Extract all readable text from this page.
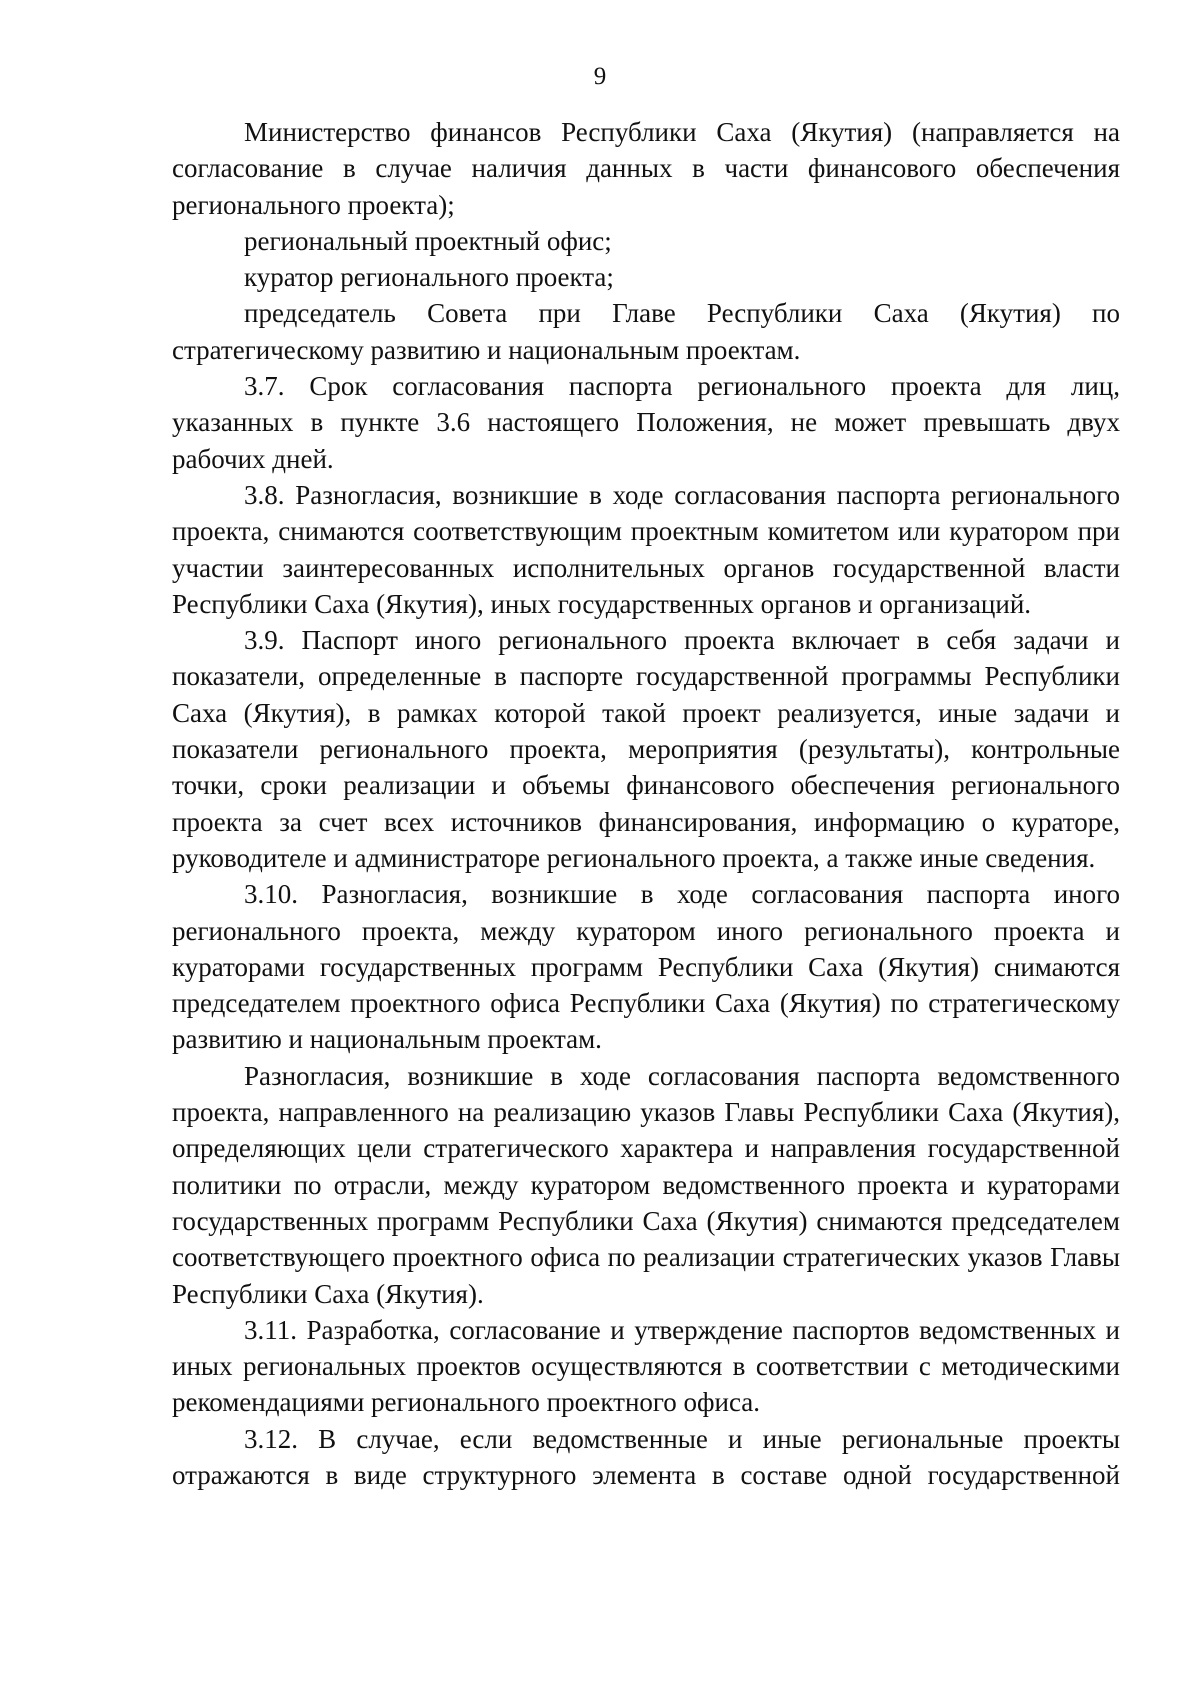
9

Министерство финансов Республики Саха (Якутия) (направляется на согласование в случае наличия данных в части финансового обеспечения регионального проекта);

региональный проектный офис;

куратор регионального проекта;

председатель Совета при Главе Республики Саха (Якутия) по стратегическому развитию и национальным проектам.

3.7. Срок согласования паспорта регионального проекта для лиц, указанных в пункте 3.6 настоящего Положения, не может превышать двух рабочих дней.

3.8. Разногласия, возникшие в ходе согласования паспорта регионального проекта, снимаются соответствующим проектным комитетом или куратором при участии заинтересованных исполнительных органов государственной власти Республики Саха (Якутия), иных государственных органов и организаций.

3.9. Паспорт иного регионального проекта включает в себя задачи и показатели, определенные в паспорте государственной программы Республики Саха (Якутия), в рамках которой такой проект реализуется, иные задачи и показатели регионального проекта, мероприятия (результаты), контрольные точки, сроки реализации и объемы финансового обеспечения регионального проекта за счет всех источников финансирования, информацию о кураторе, руководителе и администраторе регионального проекта, а также иные сведения.

3.10. Разногласия, возникшие в ходе согласования паспорта иного регионального проекта, между куратором иного регионального проекта и кураторами государственных программ Республики Саха (Якутия) снимаются председателем проектного офиса Республики Саха (Якутия) по стратегическому развитию и национальным проектам.

Разногласия, возникшие в ходе согласования паспорта ведомственного проекта, направленного на реализацию указов Главы Республики Саха (Якутия), определяющих цели стратегического характера и направления государственной политики по отрасли, между куратором ведомственного проекта и кураторами государственных программ Республики Саха (Якутия) снимаются председателем соответствующего проектного офиса по реализации стратегических указов Главы Республики Саха (Якутия).

3.11. Разработка, согласование и утверждение паспортов ведомственных и иных региональных проектов осуществляются в соответствии с методическими рекомендациями регионального проектного офиса.

3.12. В случае, если ведомственные и иные региональные проекты отражаются в виде структурного элемента в составе одной государственной
